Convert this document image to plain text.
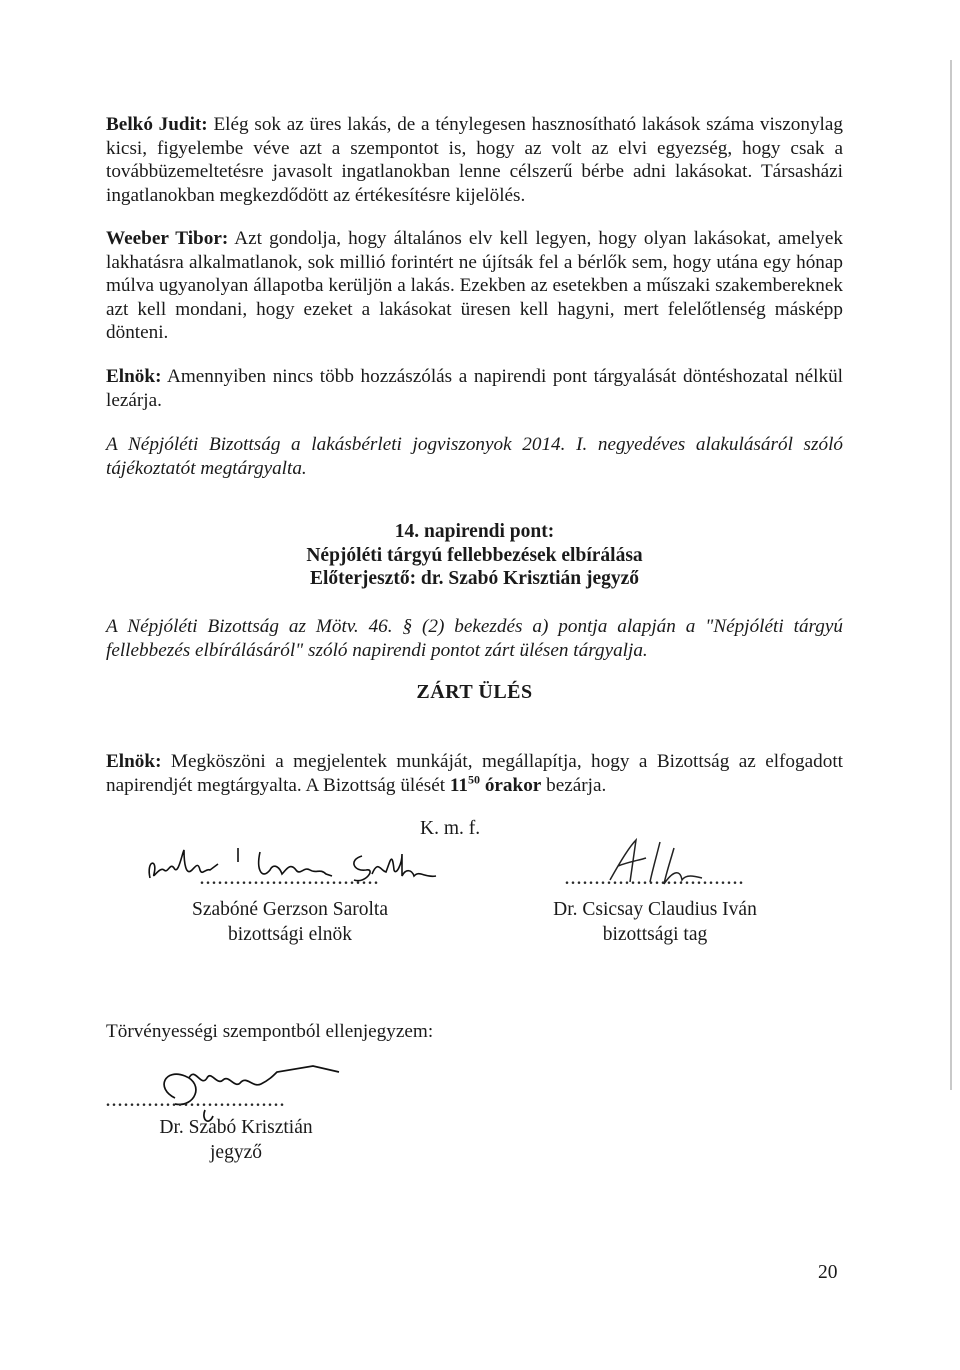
Belkó Judit: Elég sok az üres lakás, de a ténylegesen hasznosítható lakások száma viszonylag kicsi, figyelembe véve azt a szempontot is, hogy az volt az elvi egyezség, hogy csak a továbbüzemeltetésre javasolt ingatlanokban lenne célszerű bérbe adni lakásokat. Társasházi ingatlanokban megkezdődött az értékesítésre kijelölés.

Weeber Tibor: Azt gondolja, hogy általános elv kell legyen, hogy olyan lakásokat, amelyek lakhatásra alkalmatlanok, sok millió forintért ne újítsák fel a bérlők sem, hogy utána egy hónap múlva ugyanolyan állapotba kerüljön a lakás. Ezekben az esetekben a műszaki szakembereknek azt kell mondani, hogy ezeket a lakásokat üresen kell hagyni, mert felelőtlenség másképp dönteni.

Elnök: Amennyiben nincs több hozzászólás a napirendi pont tárgyalását döntéshozatal nélkül lezárja.

A Népjóléti Bizottság a lakásbérleti jogviszonyok 2014. I. negyedéves alakulásáról szóló tájékoztatót megtárgyalta.

14. napirendi pont:
Népjóléti tárgyú fellebbezések elbírálása
Előterjesztő: dr. Szabó Krisztián jegyző

A Népjóléti Bizottság az Mötv. 46. § (2) bekezdés a) pontja alapján a "Népjóléti tárgyú fellebbezés elbírálásáról" szóló napirendi pontot zárt ülésen tárgyalja.

ZÁRT ÜLÉS

Elnök: Megköszöni a megjelentek munkáját, megállapítja, hogy a Bizottság az elfogadott napirendjét megtárgyalta. A Bizottság ülését $11^{50}$ órakor bezárja.

K. m. f.
..............................
Szabóné Gerzson Sarolta
bizottsági elnök
..............................
Dr. Csicsay Claudius Iván
bizottsági tag
Törvényességi szempontból ellenjegyzem:
..............................
Dr. Szabó Krisztián
jegyző
20
